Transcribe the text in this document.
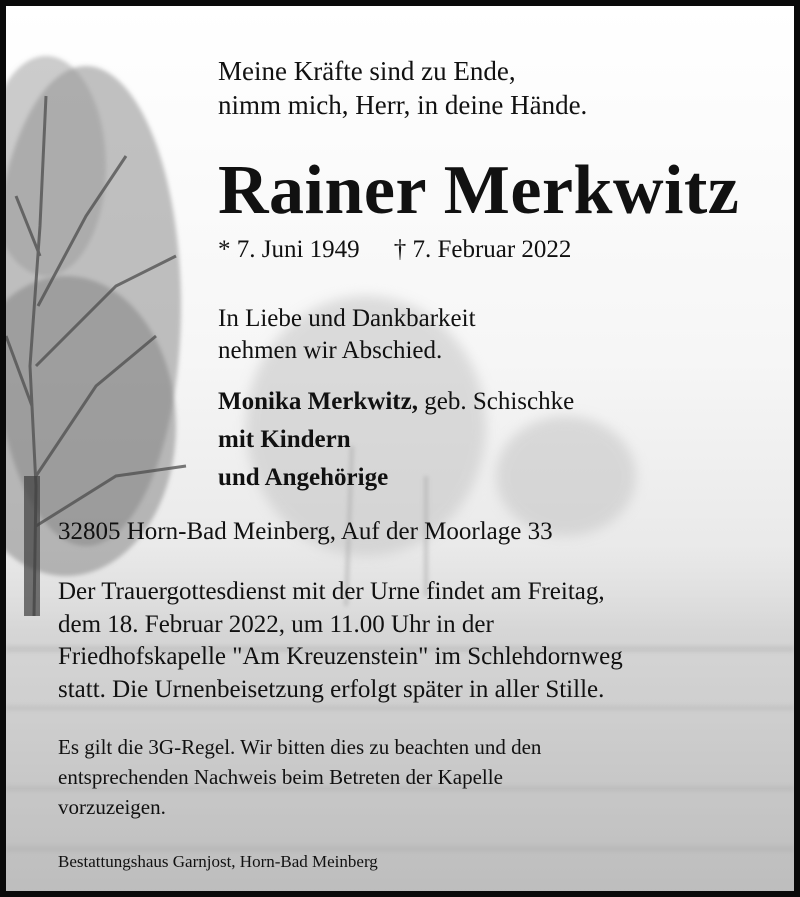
Meine Kräfte sind zu Ende,
nimm mich, Herr, in deine Hände.
Rainer Merkwitz
* 7. Juni 1949 † 7. Februar 2022
In Liebe und Dankbarkeit
nehmen wir Abschied.
Monika Merkwitz, geb. Schischke
mit Kindern
und Angehörige
32805 Horn-Bad Meinberg, Auf der Moorlage 33
Der Trauergottesdienst mit der Urne findet am Freitag,
dem 18. Februar 2022, um 11.00 Uhr in der
Friedhofskapelle "Am Kreuzenstein" im Schlehdornweg
statt. Die Urnenbeisetzung erfolgt später in aller Stille.
Es gilt die 3G-Regel. Wir bitten dies zu beachten und den
entsprechenden Nachweis beim Betreten der Kapelle
vorzuzeigen.
Bestattungshaus Garnjost, Horn-Bad Meinberg
